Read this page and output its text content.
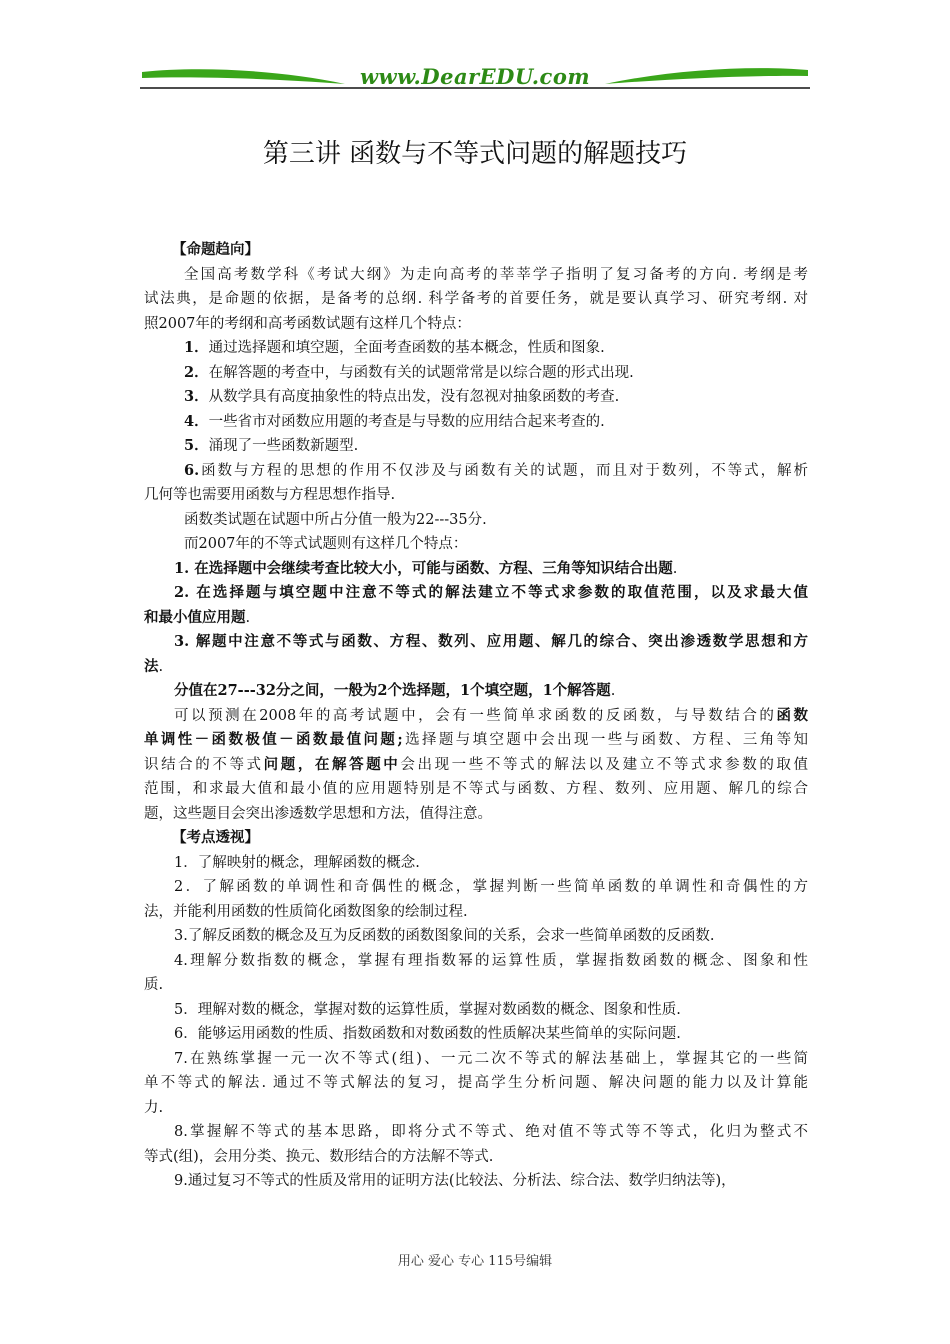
www.DearEDU.com
第三讲 函数与不等式问题的解题技巧
【命题趋向】
全国高考数学科《考试大纲》为走向高考的莘莘学子指明了复习备考的方向. 考纲是考
试法典，是命题的依据，是备考的总纲. 科学备考的首要任务，就是要认真学习、研究考纲. 对
照2007年的考纲和高考函数试题有这样几个特点：
1．通过选择题和填空题，全面考查函数的基本概念，性质和图象.
2．在解答题的考查中，与函数有关的试题常常是以综合题的形式出现.
3．从数学具有高度抽象性的特点出发，没有忽视对抽象函数的考查.
4．一些省市对函数应用题的考查是与导数的应用结合起来考查的.
5．涌现了一些函数新题型.
6.函数与方程的思想的作用不仅涉及与函数有关的试题，而且对于数列，不等式，解析
几何等也需要用函数与方程思想作指导.
函数类试题在试题中所占分值一般为22---35分.
而2007年的不等式试题则有这样几个特点：
1. 在选择题中会继续考查比较大小，可能与函数、方程、三角等知识结合出题.
2. 在选择题与填空题中注意不等式的解法建立不等式求参数的取值范围，以及求最大值
和最小值应用题.
3. 解题中注意不等式与函数、方程、数列、应用题、解几的综合、突出渗透数学思想和方
法.
分值在27---32分之间，一般为2个选择题，1个填空题，1个解答题.
可以预测在2008年的高考试题中，会有一些简单求函数的反函数，与导数结合的函数
单调性－函数极值－函数最值问题;选择题与填空题中会出现一些与函数、方程、三角等知
识结合的不等式问题，在解答题中会出现一些不等式的解法以及建立不等式求参数的取值
范围，和求最大值和最小值的应用题特别是不等式与函数、方程、数列、应用题、解几的综合
题，这些题目会突出渗透数学思想和方法，值得注意。
【考点透视】
1．了解映射的概念，理解函数的概念.
2．了解函数的单调性和奇偶性的概念，掌握判断一些简单函数的单调性和奇偶性的方
法，并能利用函数的性质简化函数图象的绘制过程.
3.了解反函数的概念及互为反函数的函数图象间的关系，会求一些简单函数的反函数.
4.理解分数指数的概念，掌握有理指数幂的运算性质，掌握指数函数的概念、图象和性
质.
5．理解对数的概念，掌握对数的运算性质，掌握对数函数的概念、图象和性质.
6．能够运用函数的性质、指数函数和对数函数的性质解决某些简单的实际问题.
7.在熟练掌握一元一次不等式(组)、一元二次不等式的解法基础上，掌握其它的一些简
单不等式的解法. 通过不等式解法的复习，提高学生分析问题、解决问题的能力以及计算能
力.
8.掌握解不等式的基本思路，即将分式不等式、绝对值不等式等不等式，化归为整式不
等式(组)，会用分类、换元、数形结合的方法解不等式.
9.通过复习不等式的性质及常用的证明方法(比较法、分析法、综合法、数学归纳法等)，
用心 爱心 专心 115号编辑
